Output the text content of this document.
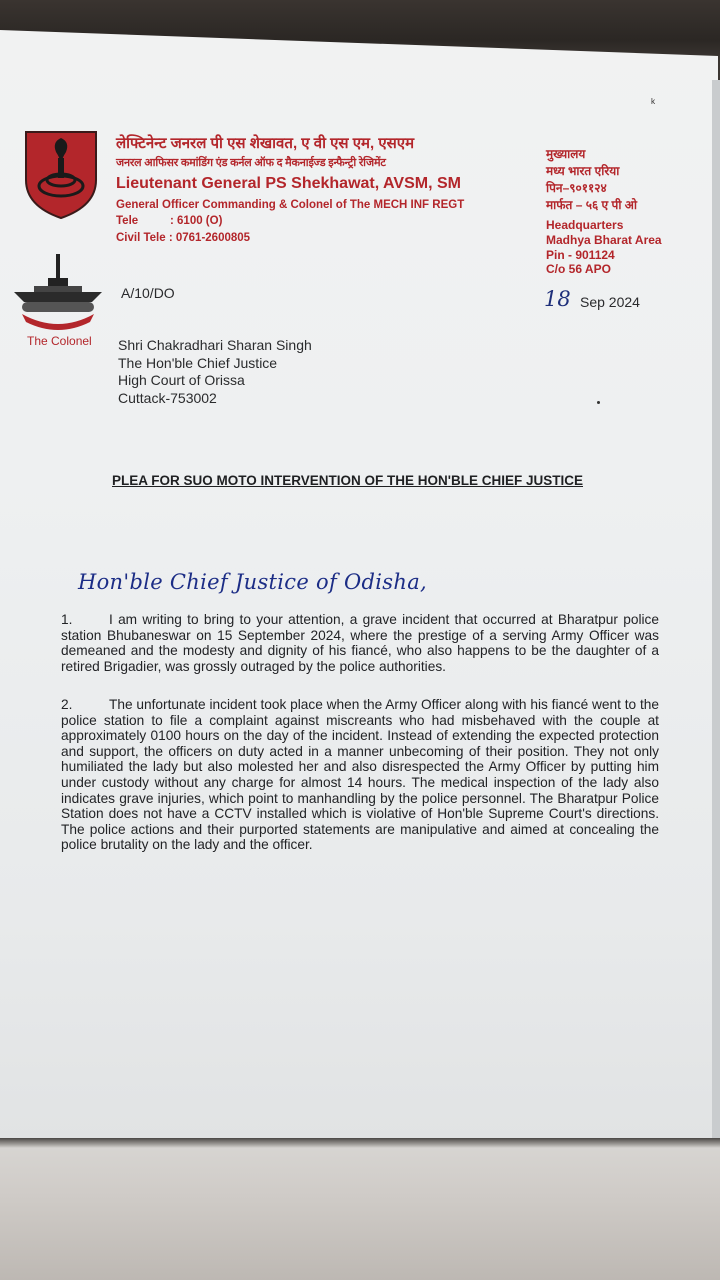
The Colonel
लेफ्टिनेन्ट जनरल पी एस शेखावत, ए वी एस एम, एसएम
जनरल आफिसर कमांडिंग एंड कर्नल ऑफ द मैकनाईज्ड इन्फैन्ट्री रेजिमेंट
Lieutenant General PS Shekhawat, AVSM, SM
General Officer Commanding & Colonel of The MECH INF REGT
Tele	: 6100 (O)
Civil Tele : 0761-2600805
मुख्यालय
मध्य भारत एरिया
पिन–९०११२४
मार्फत – ५६ ए पी ओ
Headquarters
Madhya Bharat Area
Pin - 901124
C/o 56 APO
ᵏ
A/10/DO	18 Sep 2024
Shri Chakradhari Sharan Singh
The Hon'ble Chief Justice
High Court of Orissa
Cuttack-753002
PLEA FOR SUO MOTO INTERVENTION OF THE HON'BLE CHIEF JUSTICE
Hon'ble Chief Justice of Odisha,
1.	I am writing to bring to your attention, a grave incident that occurred at Bharatpur police station Bhubaneswar on 15 September 2024, where the prestige of a serving Army Officer was demeaned and the modesty and dignity of his fiancé, who also happens to be the daughter of a retired Brigadier, was grossly outraged by the police authorities.
2.	The unfortunate incident took place when the Army Officer along with his fiancé went to the police station to file a complaint against miscreants who had misbehaved with the couple at approximately 0100 hours on the day of the incident. Instead of extending the expected protection and support, the officers on duty acted in a manner unbecoming of their position. They not only humiliated the lady but also molested her and also disrespected the Army Officer by putting him under custody without any charge for almost 14 hours. The medical inspection of the lady also indicates grave injuries, which point to manhandling by the police personnel. The Bharatpur Police Station does not have a CCTV installed which is violative of Hon'ble Supreme Court's directions. The police actions and their purported statements are manipulative and aimed at concealing the police brutality on the lady and the officer.
